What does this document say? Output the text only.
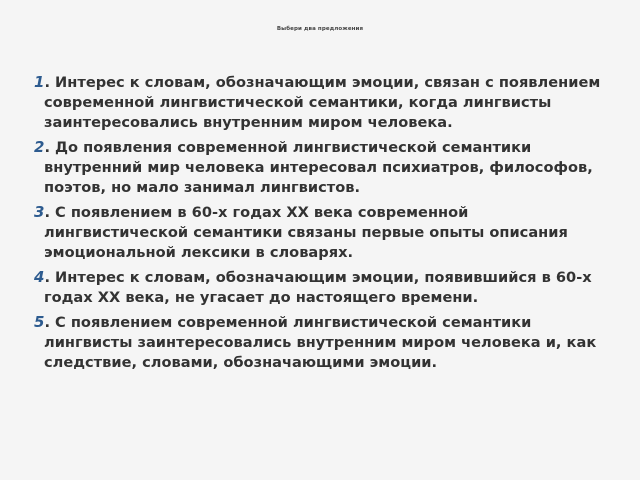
Выбери два предложения
1. Интерес к словам, обозначающим эмоции, связан с появлением современной лингвистической семантики, когда лингвисты заинтересовались внутренним миром человека.
2. До появления современной лингвистической семантики внутренний мир человека интересовал психиатров, философов, поэтов, но мало занимал лингвистов.
3. С появлением в 60-х годах XX века современной лингвистической семантики связаны первые опыты описания эмоциональной лексики в словарях.
4. Интерес к словам, обозначающим эмоции, появившийся в 60-х годах XX века, не угасает до настоящего времени.
5. С появлением современной лингвистической семантики лингвисты заинтересовались внутренним миром человека и, как следствие, словами, обозначающими эмоции.
